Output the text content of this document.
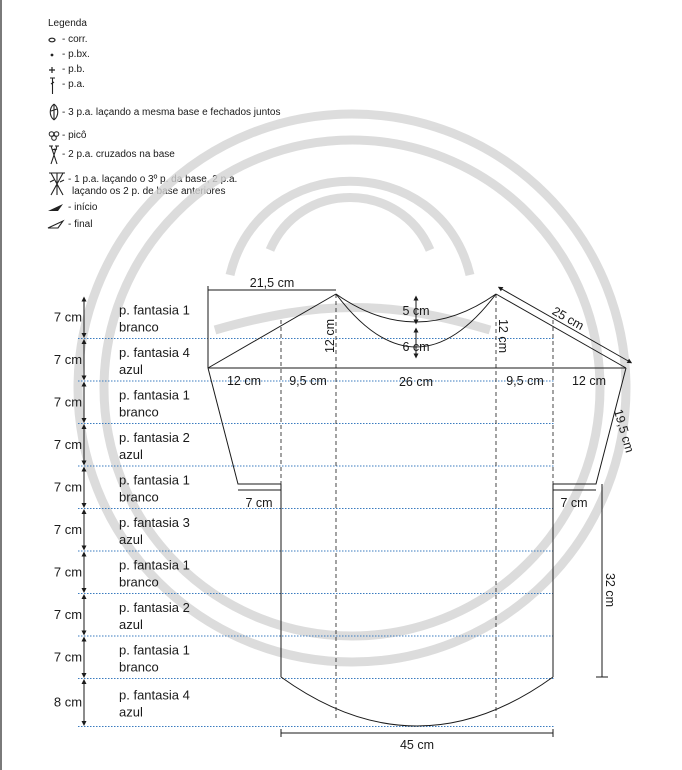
Legenda
- corr.
- p.bx.
- p.b.
- p.a.
- 3 p.a. laçando a mesma base e fechados juntos
- picô
- 2 p.a. cruzados na base
- 1 p.a. laçando o 3º p. da base, 2 p.a.
laçando os 2 p. de base anteriores
- início
- final
21,5 cm
5 cm
6 cm
12 cm	12 cm
25 cm
12 cm 9,5 cm	26 cm	9,5 cm 12 cm
19,5 cm
7 cm	7 cm
32 cm
45 cm
7 cm	p. fantasia 1
branco
7 cm	p. fantasia 4
azul
7 cm	p. fantasia 1
branco
7 cm	p. fantasia 2
azul
7 cm	p. fantasia 1
branco
7 cm	p. fantasia 3
azul
7 cm	p. fantasia 1
branco
7 cm	p. fantasia 2
azul
7 cm	p. fantasia 1
branco
8 cm	p. fantasia 4
azul
